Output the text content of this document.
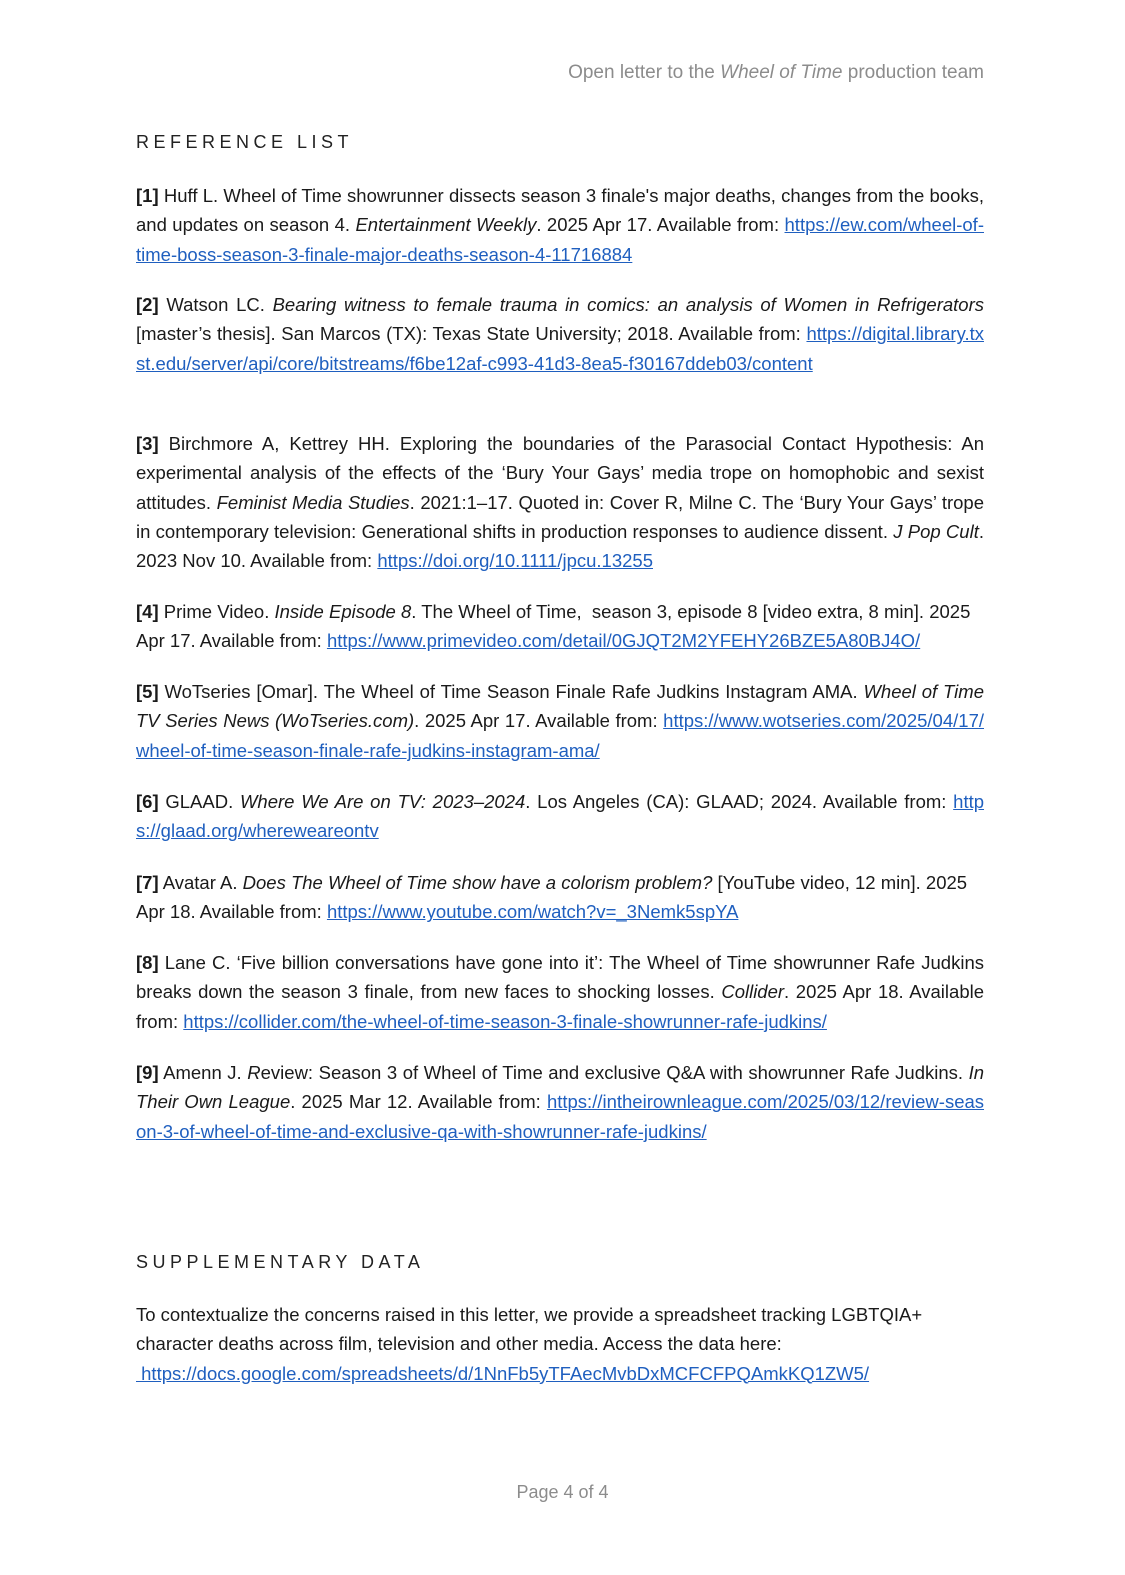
Open letter to the Wheel of Time production team
REFERENCE LIST
[1] Huff L. Wheel of Time showrunner dissects season 3 finale's major deaths, changes from the books, and updates on season 4. Entertainment Weekly. 2025 Apr 17. Available from: https://ew.com/wheel-of-time-boss-season-3-finale-major-deaths-season-4-11716884
[2] Watson LC. Bearing witness to female trauma in comics: an analysis of Women in Refrigerators [master’s thesis]. San Marcos (TX): Texas State University; 2018. Available from: https://digital.library.txst.edu/server/api/core/bitstreams/f6be12af-c993-41d3-8ea5-f30167ddeb03/content
[3] Birchmore A, Kettrey HH. Exploring the boundaries of the Parasocial Contact Hypothesis: An experimental analysis of the effects of the ‘Bury Your Gays’ media trope on homophobic and sexist attitudes. Feminist Media Studies. 2021:1–17. Quoted in: Cover R, Milne C. The ‘Bury Your Gays’ trope in contemporary television: Generational shifts in production responses to audience dissent. J Pop Cult. 2023 Nov 10. Available from: https://doi.org/10.1111/jpcu.13255
[4] Prime Video. Inside Episode 8. The Wheel of Time,  season 3, episode 8 [video extra, 8 min]. 2025 Apr 17. Available from: https://www.primevideo.com/detail/0GJQT2M2YFEHY26BZE5A80BJ4O/
[5] WoTseries [Omar]. The Wheel of Time Season Finale Rafe Judkins Instagram AMA. Wheel of Time TV Series News (WoTseries.com). 2025 Apr 17. Available from: https://www.wotseries.com/2025/04/17/wheel-of-time-season-finale-rafe-judkins-instagram-ama/
[6] GLAAD. Where We Are on TV: 2023–2024. Los Angeles (CA): GLAAD; 2024. Available from: https://glaad.org/whereweareontv
[7] Avatar A. Does The Wheel of Time show have a colorism problem? [YouTube video, 12 min]. 2025 Apr 18. Available from: https://www.youtube.com/watch?v=_3Nemk5spYA
[8] Lane C. ‘Five billion conversations have gone into it’: The Wheel of Time showrunner Rafe Judkins breaks down the season 3 finale, from new faces to shocking losses. Collider. 2025 Apr 18. Available from: https://collider.com/the-wheel-of-time-season-3-finale-showrunner-rafe-judkins/
[9] Amenn J. Review: Season 3 of Wheel of Time and exclusive Q&A with showrunner Rafe Judkins. In Their Own League. 2025 Mar 12. Available from: https://intheirownleague.com/2025/03/12/review-season-3-of-wheel-of-time-and-exclusive-qa-with-showrunner-rafe-judkins/
SUPPLEMENTARY DATA
To contextualize the concerns raised in this letter, we provide a spreadsheet tracking LGBTQIA+ character deaths across film, television and other media. Access the data here:
https://docs.google.com/spreadsheets/d/1NnFb5yTFAecMvbDxMCFCFPQAmkKQ1ZW5/
Page 4 of 4
